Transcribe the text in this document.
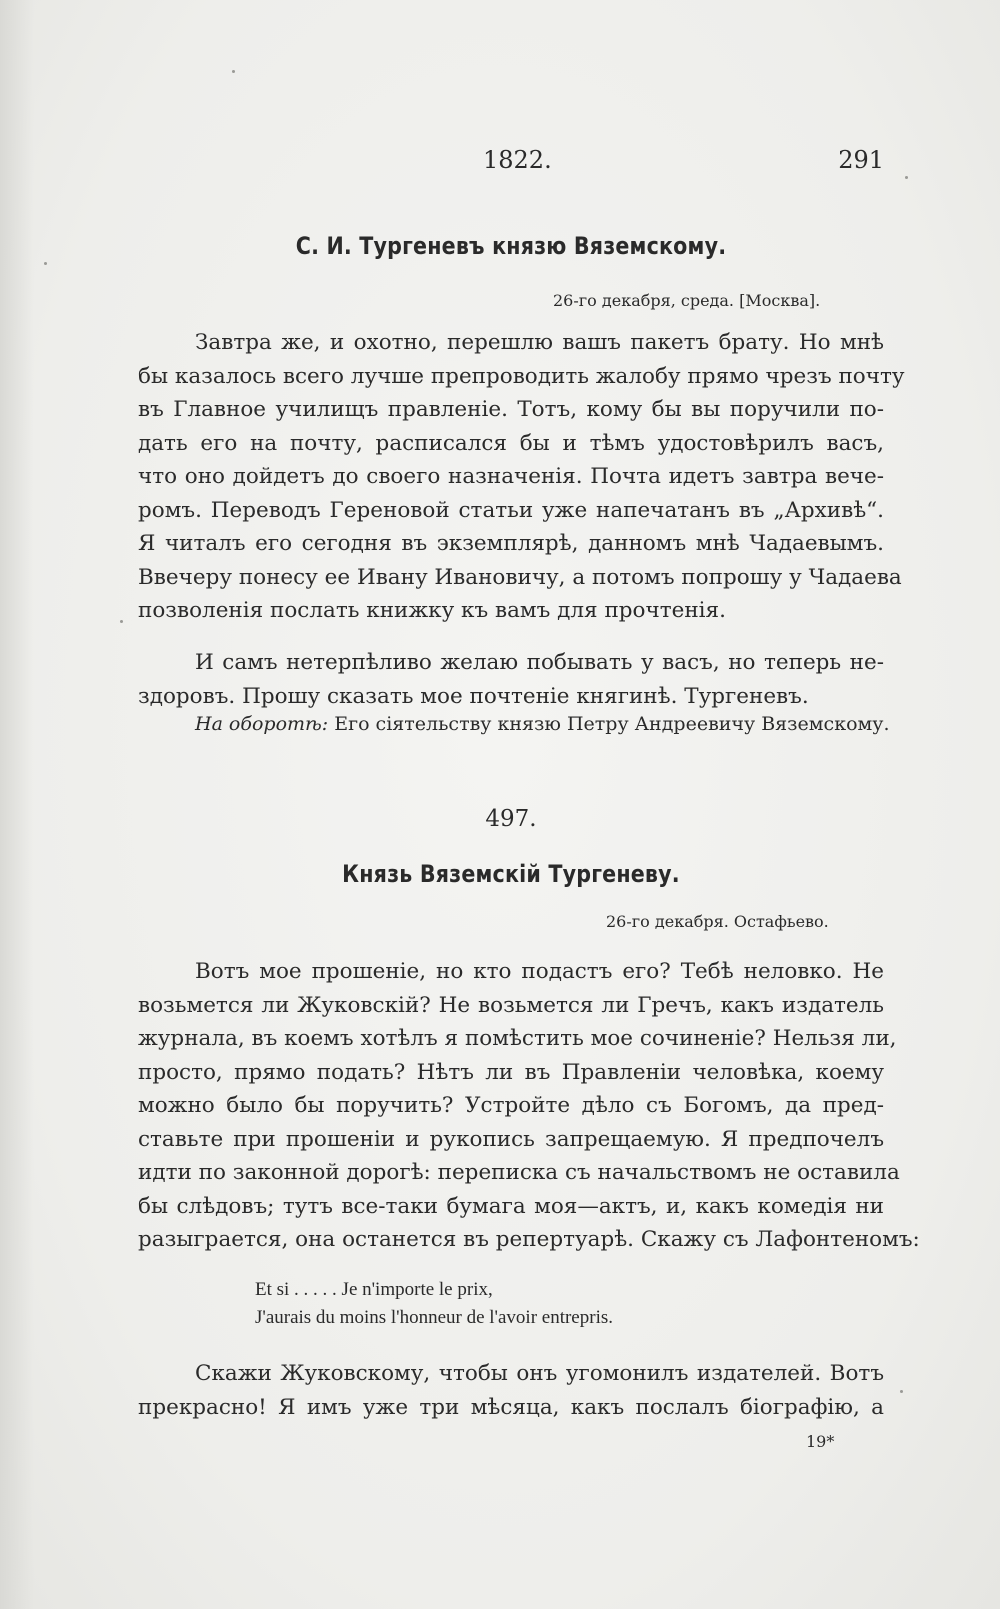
1822.	291
С. И. Тургеневъ князю Вяземскому.
26-го декабря, среда. [Москва].
Завтра же, и охотно, перешлю вашъ пакетъ брату. Но мнѣ
бы казалось всего лучше препроводить жалобу прямо чрезъ почту
въ Главное училищъ правленіе. Тотъ, кому бы вы поручили по-
дать его на почту, расписался бы и тѣмъ удостовѣрилъ васъ,
что оно дойдетъ до своего назначенія. Почта идетъ завтра вече-
ромъ. Переводъ Гереновой статьи уже напечатанъ въ „Архивѣ“.
Я читалъ его сегодня въ экземплярѣ, данномъ мнѣ Чадаевымъ.
Ввечеру понесу ее Ивану Ивановичу, а потомъ попрошу у Чадаева
позволенія послать книжку къ вамъ для прочтенія.
И самъ нетерпѣливо желаю побывать у васъ, но теперь не-
здоровъ. Прошу сказать мое почтеніе княгинѣ. Тургеневъ.
На оборотѣ: Его сіятельству князю Петру Андреевичу Вяземскому.
497.
Князь Вяземскій Тургеневу.
26-го декабря. Остафьево.
Вотъ мое прошеніе, но кто подастъ его? Тебѣ неловко. Не
возьмется ли Жуковскій? Не возьмется ли Гречъ, какъ издатель
журнала, въ коемъ хотѣлъ я помѣстить мое сочиненіе? Нельзя ли,
просто, прямо подать? Нѣтъ ли въ Правленіи человѣка, коему
можно было бы поручить? Устройте дѣло съ Богомъ, да пред-
ставьте при прошеніи и рукопись запрещаемую. Я предпочелъ
идти по законной дорогѣ: переписка съ начальствомъ не оставила
бы слѣдовъ; тутъ все-таки бумага моя—актъ, и, какъ комедія ни
разыграется, она останется въ репертуарѣ. Скажу съ Лафонтеномъ:
Et si . . . . . Je n'importe le prix,
J'aurais du moins l'honneur de l'avoir entrepris.
Скажи Жуковскому, чтобы онъ угомонилъ издателей. Вотъ
прекрасно! Я имъ уже три мѣсяца, какъ послалъ біографію, а
19*
